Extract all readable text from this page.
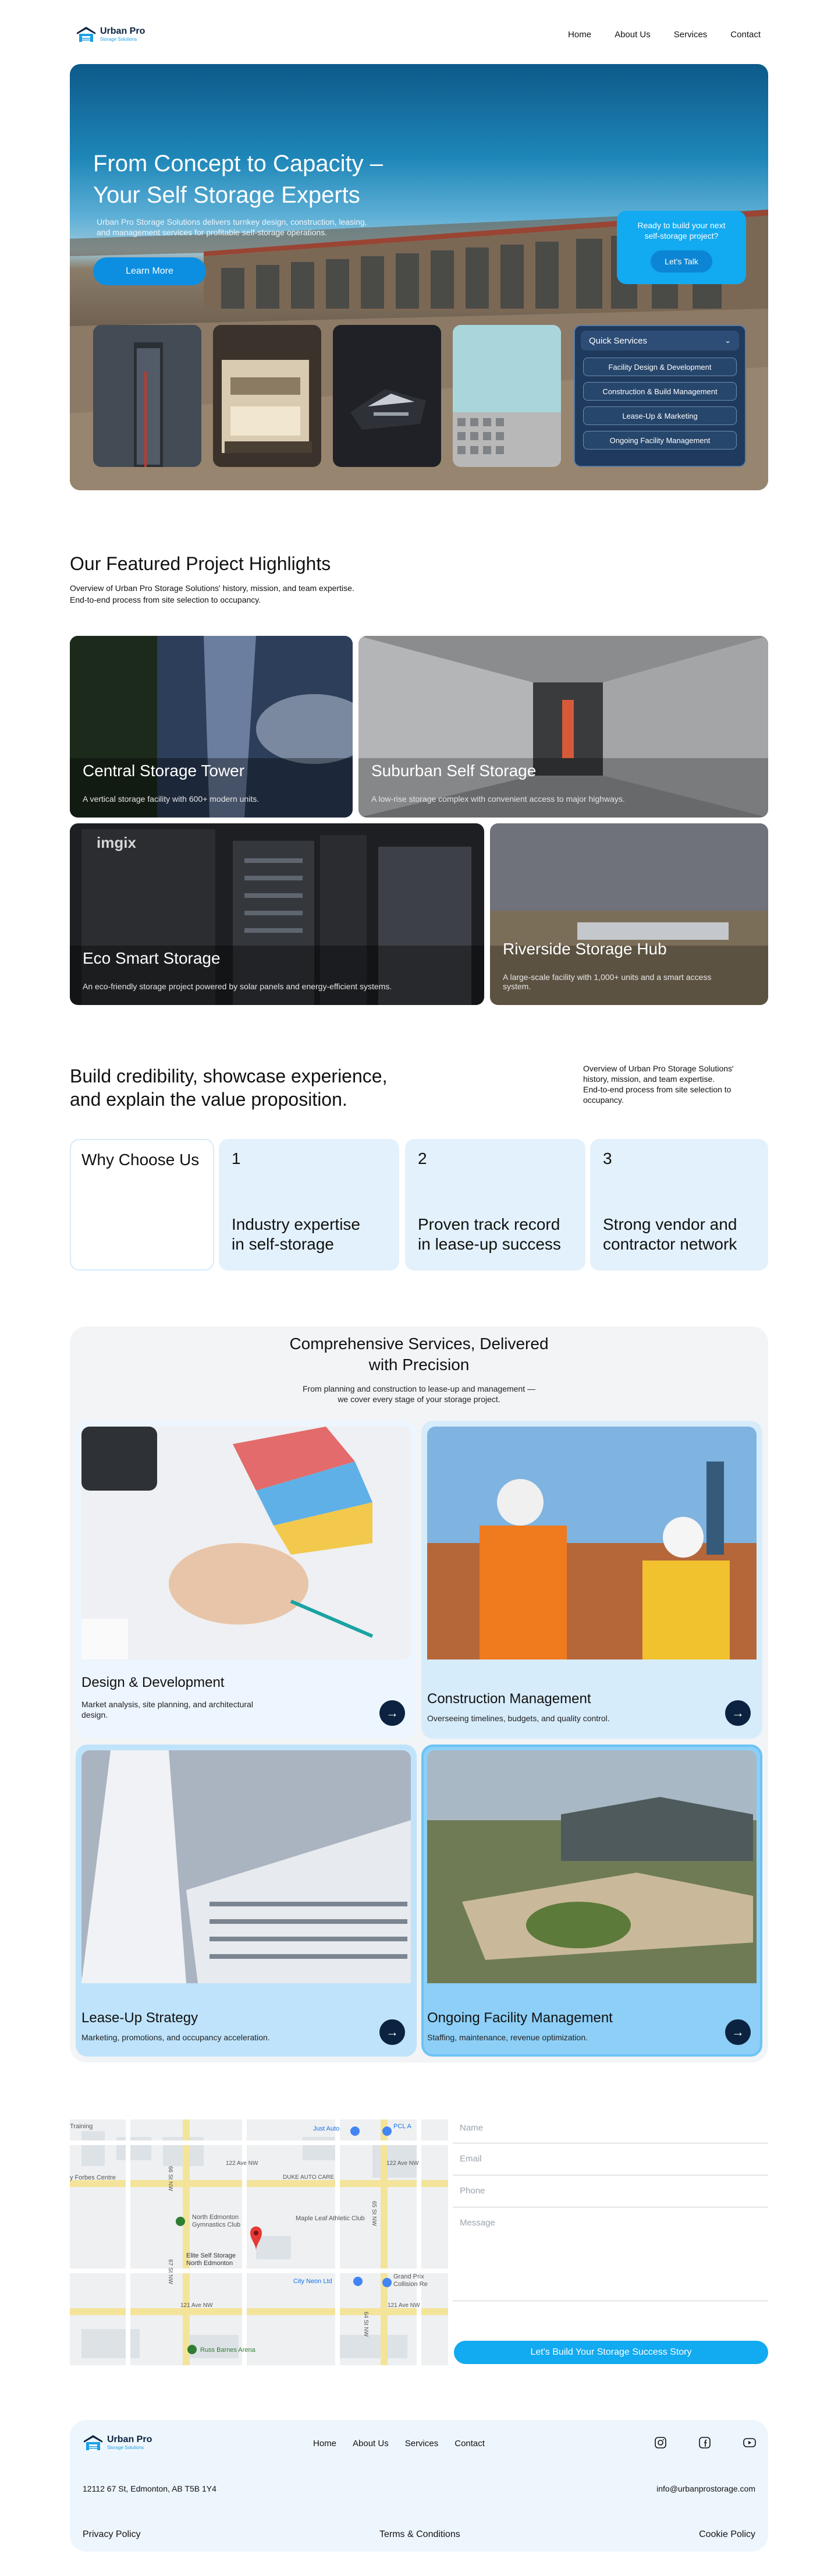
Urban Pro
Storage Solutions	Home	About Us	Services	Contact
From Concept to Capacity –
Your Self Storage Experts
Urban Pro Storage Solutions delivers turnkey design, construction, leasing,
and management services for profitable self-storage operations.
Learn More
Ready to build your next
self-storage project?
Let's Talk
Quick Services	⌄
Facility Design & Development
Construction & Build Management
Lease-Up & Marketing
Ongoing Facility Management
Our Featured Project Highlights
Overview of Urban Pro Storage Solutions' history, mission, and team expertise.
End-to-end process from site selection to occupancy.
Central Storage Tower
A vertical storage facility with 600+ modern units.
Suburban Self Storage
A low-rise storage complex with convenient access to major highways.
imgix
Eco Smart Storage
An eco-friendly storage project powered by solar panels and energy-efficient systems.
Riverside Storage Hub
A large-scale facility with 1,000+ units and a smart access
system.
Build credibility, showcase experience,
and explain the value proposition.
Overview of Urban Pro Storage Solutions'
history, mission, and team expertise.
End-to-end process from site selection to
occupancy.
Why Choose Us	1
Industry expertise
in self-storage
2
Proven track record
in lease-up success
3
Strong vendor and
contractor network
Comprehensive Services, Delivered
with Precision
From planning and construction to lease-up and management —
we cover every stage of your storage project.
Design & Development
Market analysis, site planning, and architectural
design.	→
Construction Management
Overseeing timelines, budgets, and quality control.	→
Lease-Up Strategy
Marketing, promotions, and occupancy acceleration.	→
Ongoing Facility Management
Staffing, maintenance, revenue optimization.	→
Training	Just Auto	PCL A
122 Ave NW
DUKE AUTO CARE
122 Ave NW
y Forbes Centre
North Edmonton
Gymnastics Club
Maple Leaf Athletic Club
Elite Self Storage
North Edmonton
City Neon Ltd
Grand Prix
Collision Re
121 Ave NW	121 Ave NW
Russ Barnes Arena
66 St NW
67 St NW
65 St NW
64 St NW
Name
Email
Phone
Message
Let's Build Your Storage Success Story
Urban Pro
Storage Solutions	Home About Us Services Contact
12112 67 St, Edmonton, AB T5B 1Y4	info@urbanprostorage.com
Privacy Policy	Terms & Conditions	Cookie Policy
